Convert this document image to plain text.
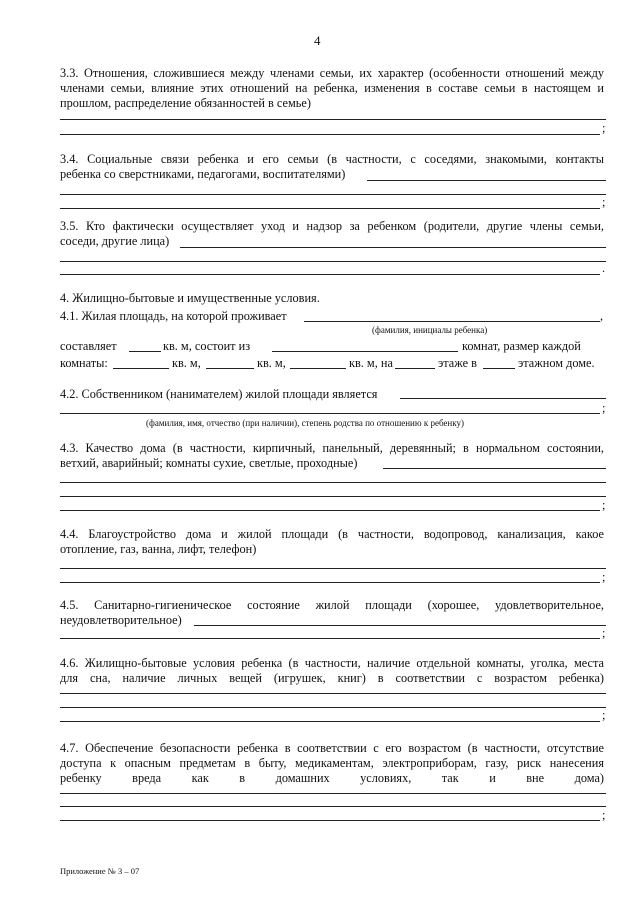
4
3.3. Отношения, сложившиеся между членами семьи, их характер (особенности отношений между
членами семьи, влияние этих отношений на ребенка, изменения в составе семьи в настоящем и
прошлом, распределение обязанностей в семье)
;
3.4. Социальные связи ребенка и его семьи (в частности, с соседями, знакомыми, контакты
ребенка со сверстниками, педагогами, воспитателями)
;
3.5. Кто фактически осуществляет уход и надзор за ребенком (родители, другие члены семьи,
соседи, другие лица)
.
4. Жилищно-бытовые и имущественные условия.
4.1. Жилая площадь, на которой проживает	,
(фамилия, инициалы ребенка)
составляет	кв. м, состоит из	комнат, размер каждой
комнаты:	кв. м,	кв. м,	кв. м, на	этаже в	этажном доме.
4.2. Собственником (нанимателем) жилой площади является
;
(фамилия, имя, отчество (при наличии), степень родства по отношению к ребенку)
4.3. Качество дома (в частности, кирпичный, панельный, деревянный; в нормальном состоянии,
ветхий, аварийный; комнаты сухие, светлые, проходные)
;
4.4. Благоустройство дома и жилой площади (в частности, водопровод, канализация, какое
отопление, газ, ванна, лифт, телефон)
;
4.5. Санитарно-гигиеническое состояние жилой площади (хорошее, удовлетворительное,
неудовлетворительное)
;
4.6. Жилищно-бытовые условия ребенка (в частности, наличие отдельной комнаты, уголка, места
для сна, наличие личных вещей (игрушек, книг) в соответствии с возрастом ребенка)
;
4.7. Обеспечение безопасности ребенка в соответствии с его возрастом (в частности, отсутствие
доступа к опасным предметам в быту, медикаментам, электроприборам, газу, риск нанесения
ребенку вреда как в домашних условиях, так и вне дома)
;
Приложение № 3 – 07
